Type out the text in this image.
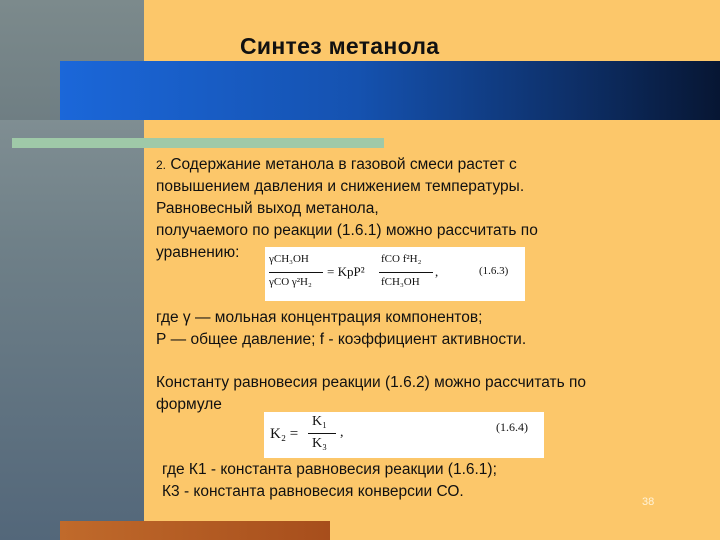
Синтез метанола
2. Содержание метанола в газовой смеси растет с
повышением давления и снижением температуры.
Равновесный выход метанола,
получаемого по реакции (1.6.1) можно рассчитать по
уравнению:	γCH₃OH
γCO γ²H₂
= KpP²
fCO f²H₂
fCH₃OH
,	(1.6.3)
где γ — мольная концентрация компонентов;
Р — общее давление; f - коэффициент активности.
Константу равновесия реакции (1.6.2) можно рассчитать по
формуле
K₂ =
K₁
K₃
,	(1.6.4)
где К1 - константа равновесия реакции (1.6.1);
К3 - константа равновесия конверсии СО.
38
